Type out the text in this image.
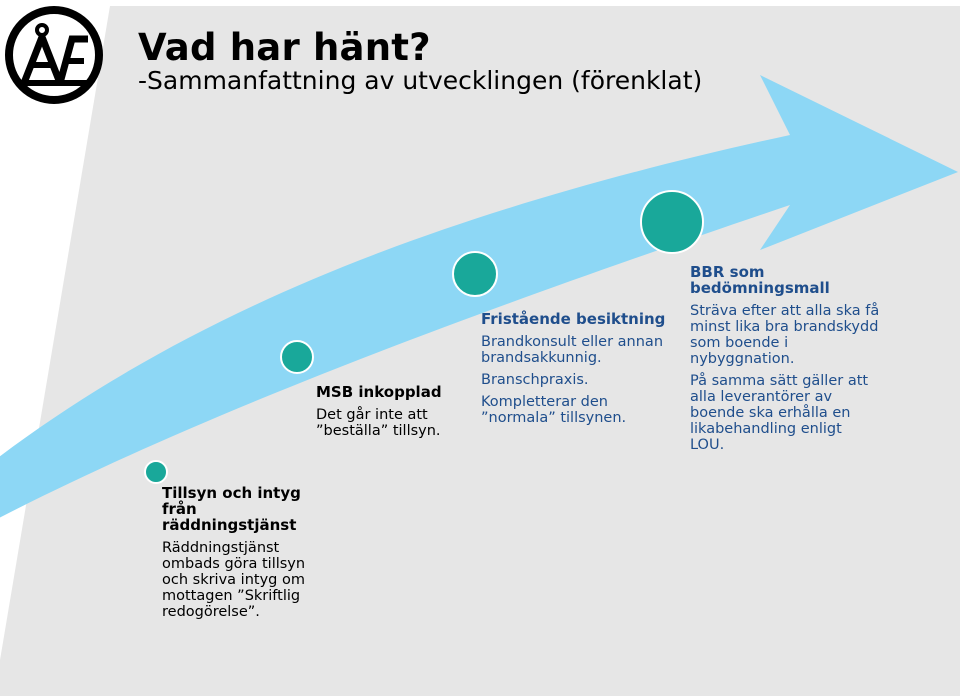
Vad har hänt?
-Sammanfattning av utvecklingen (förenklat)

Tillsyn och intyg från räddningstjänst

Räddningstjänst ombads göra tillsyn och skriva intyg om mottagen ”Skriftlig redogörelse”.

MSB inkopplad

Det går inte att ”beställa” tillsyn.

Fristående besiktning

Brandkonsult eller annan brandsakkunnig.

Branschpraxis.

Kompletterar den ”normala” tillsynen.

BBR som bedömningsmall

Sträva efter att alla ska få minst lika bra brandskydd som boende i nybyggnation.

På samma sätt gäller att alla leverantörer av boende ska erhålla en likabehandling enligt LOU.
